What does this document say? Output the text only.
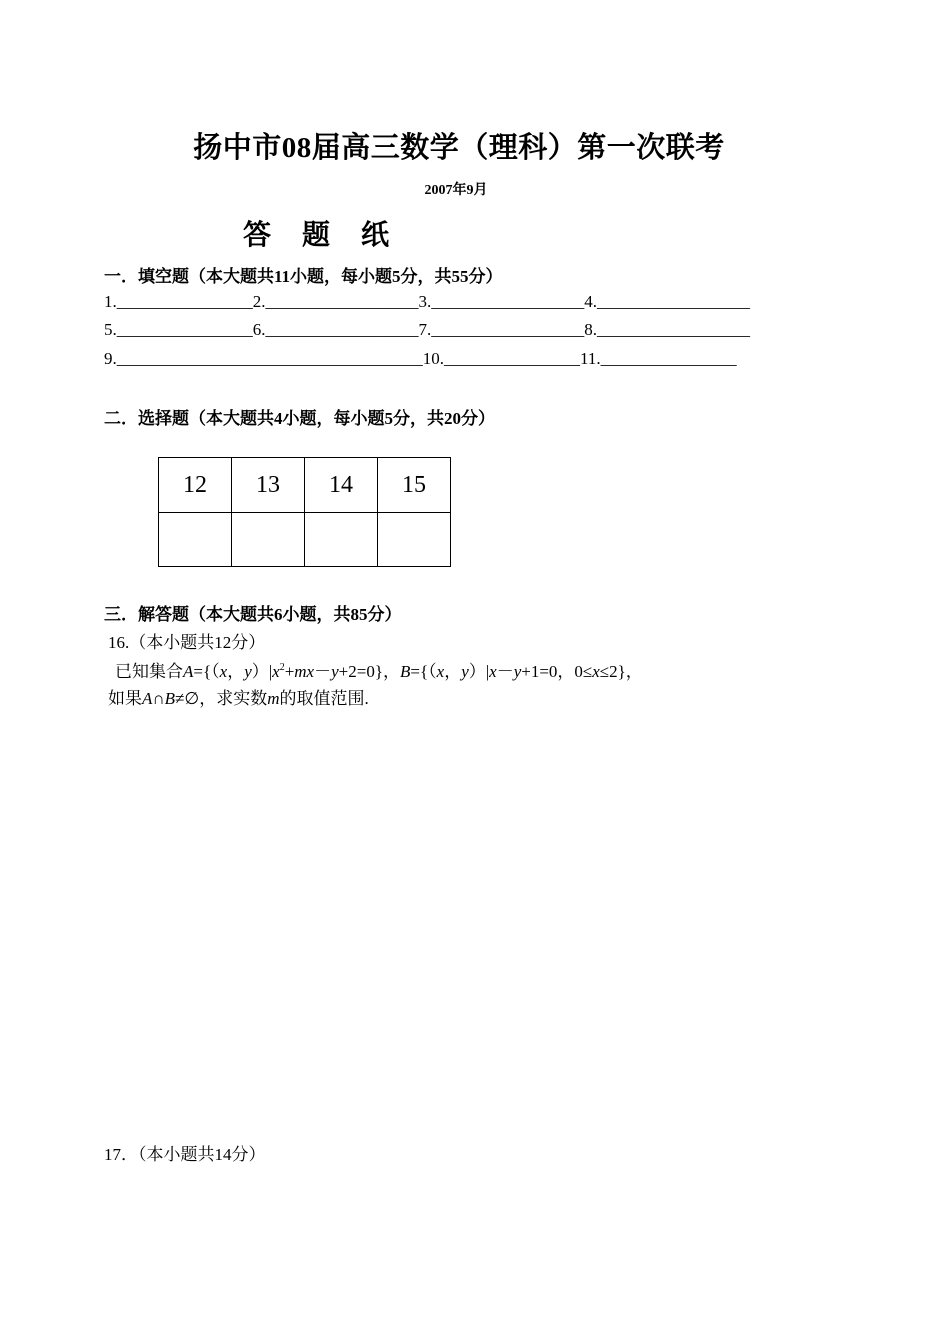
扬中市08届高三数学（理科）第一次联考
2007年9月
答 题 纸
一．填空题（本大题共11小题，每小题5分，共55分）
1.________________2.__________________3.__________________4.__________________
5.________________6.__________________7.__________________8.__________________
9.____________________________________10.________________11.________________
二．选择题（本大题共4小题，每小题5分，共20分）
12	13	14	15

三．解答题（本大题共6小题，共85分）
16.（本小题共12分）
已知集合A={（x，$y)|x^2+mx-y+2=0$}，B={（x，y）|x－y+1=0，0≤x≤2}，
如果A∩B≠∅，求实数m的取值范围.
17．（本小题共14分）
